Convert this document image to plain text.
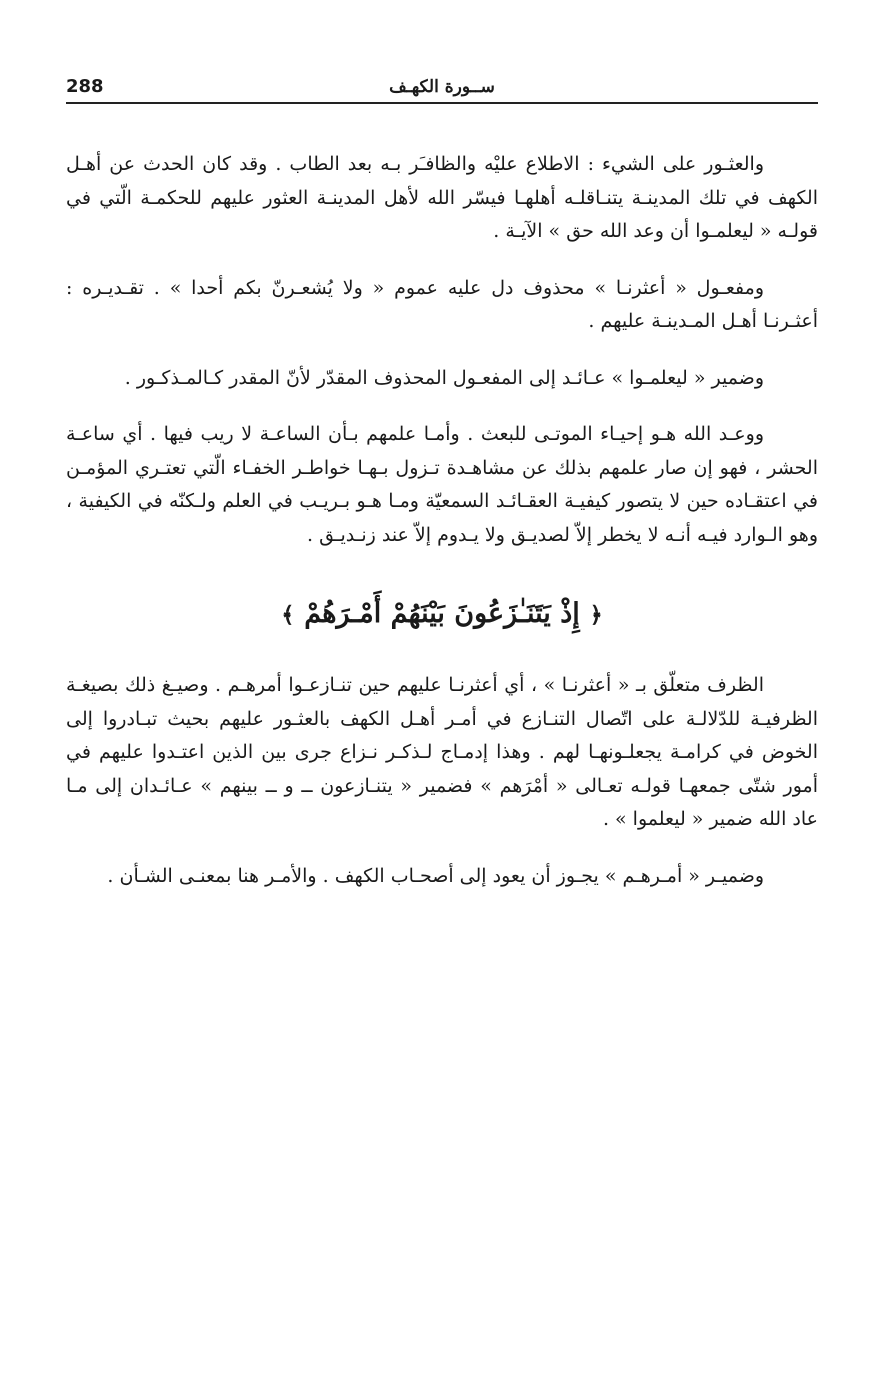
288	ســورة الكهـف

والعثـور على الشيء : الاطلاع عليْه والظافـَر بـه بعد الطاب . وقد كان الحدث عن أهـل الكهف في تلك المدينـة يتنـاقلـه أهلهـا فيسّر الله لأهل المدينـة العثور عليهم للحكمـة الّتي في قولـه « ليعلمـوا أن وعد الله حق » الآيـة .

ومفعـول « أعثرنـا » محذوف دل عليه عموم « ولا يُشعـرنّ بكم أحدا » . تقـديـره : أعثـرنـا أهـل المـدينـة عليهم .

وضمير « ليعلمـوا » عـائـد إلى المفعـول المحذوف المقدّر لأنّ المقدر كـالمـذكـور .

ووعـد الله هـو إحيـاء الموتـى للبعث . وأمـا علمهم بـأن الساعـة لا ريب فيها . أي ساعـة الحشر ، فهو إن صار علمهم بذلك عن مشاهـدة تـزول بـهـا خواطـر الخفـاء الّتي تعتـري المؤمـن في اعتقـاده حين لا يتصور كيفيـة العقـائـد السمعيّة ومـا هـو بـريـب في العلم ولـكنّه في الكيفية ، وهو الـوارد فيـه أنـه لا يخطر إلاّ لصديـق ولا يـدوم إلاّ عند زنـديـق .

﴿إِذْ يَتَنَـٰزَعُونَ بَيْنَهُمْ أَمْـرَهُمْ﴾

الظرف متعلّق بـ « أعثرنـا » ، أي أعثرنـا عليهم حين تنـازعـوا أمرهـم . وصيـغ ذلك بصيغـة الظرفيـة للدّلالـة على اتّصال التنـازع في أمـر أهـل الكهف بالعثـور عليهم بحيث تبـادروا إلى الخوض في كرامـة يجعلـونهـا لهم . وهذا إدمـاج لـذكـر نـزاع جرى بين الذين اعتـدوا عليهم في أمور شتّى جمعهـا قولـه تعـالى « أمْرَهم » فضمير « يتنـازعون ــ و ــ بينهم » عـائـدان إلى مـا عاد الله ضمير « ليعلموا » .

وضميـر « أمـرهـم » يجـوز أن يعود إلى أصحـاب الكهف . والأمـر هنا بمعنـى الشـأن .
